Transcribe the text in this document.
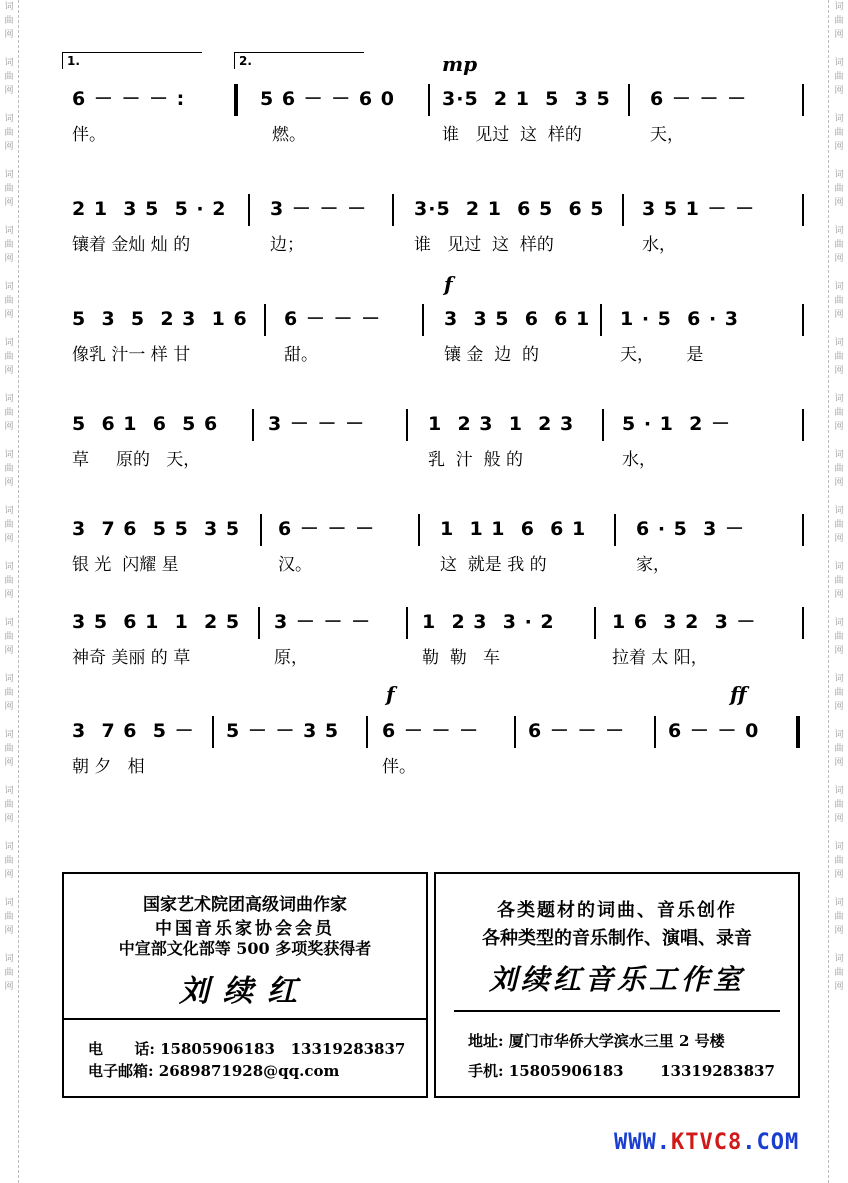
词
曲
网

词
曲
网

词
曲
网

词
曲
网

词
曲
网

词
曲
网

词
曲
网

词
曲
网

词
曲
网

词
曲
网

词
曲
网

词
曲
网

词
曲
网

词
曲
网

词
曲
网

词
曲
网

词
曲
网

词
曲
网

词
曲
网

词
曲
网

词
曲
网

词
曲
网

词
曲
网

词
曲
网

词
曲
网

词
曲
网

词
曲
网

词
曲
网

词
曲
网

词
曲
网

词
曲
网

词
曲
网

词
曲
网

词
曲
网

词
曲
网

词
曲
网

1.	2.	mp

6 － － － :

	5 6 － － 6 0

3·5  2 1  5  3 5

6 － － －

伴。

	燃。

	谁   见过  这  样的

	天，

2 1  3 5  5 · 2

3 － － －

3·5  2 1  6 5  6 5

3 5 1 － －

镶着 金灿 灿 的

	边；

	谁   见过  这  样的

	水，

f

5  3  5  2 3  1 6

6 － － －

	3  3 5  6  6 1

1 · 5  6 · 3

像乳 汁一 样 甘

	甜。

	镶 金  边  的

	天，      是

5  6 1  6  5 6

	3 － － －

	1  2 3  1  2 3

	5 · 1  2 －

草     原的   天，

	乳  汁  般 的

	水，

3  7 6  5 5  3 5

6 － － －

	1  1 1  6  6 1

	6 · 5  3 －

银 光  闪耀 星

	汉。

	这  就是 我 的

	家，

3 5  6 1  1  2 5

3 － － －

	1  2 3  3 · 2

	1 6  3 2  3 －

神奇 美丽 的 草

	原，

	勒  勒   车

	拉着 太 阳，

f	ff

3  7 6  5 －

5 － － 3 5

6 － － －

	6 － － －

6 － － 0

朝 夕   相

	伴。

国家艺术院团高级词曲作家
中国音乐家协会会员
中宣部文化部等 500 多项奖获得者
刘续红
电      话: 15805906183   13319283837
电子邮箱: 2689871928@qq.com
各类题材的词曲、音乐创作
各种类型的音乐制作、演唱、录音
刘续红音乐工作室
地址: 厦门市华侨大学滨水三里 2 号楼
手机: 15805906183       13319283837
WWW.KTVC8.COM
